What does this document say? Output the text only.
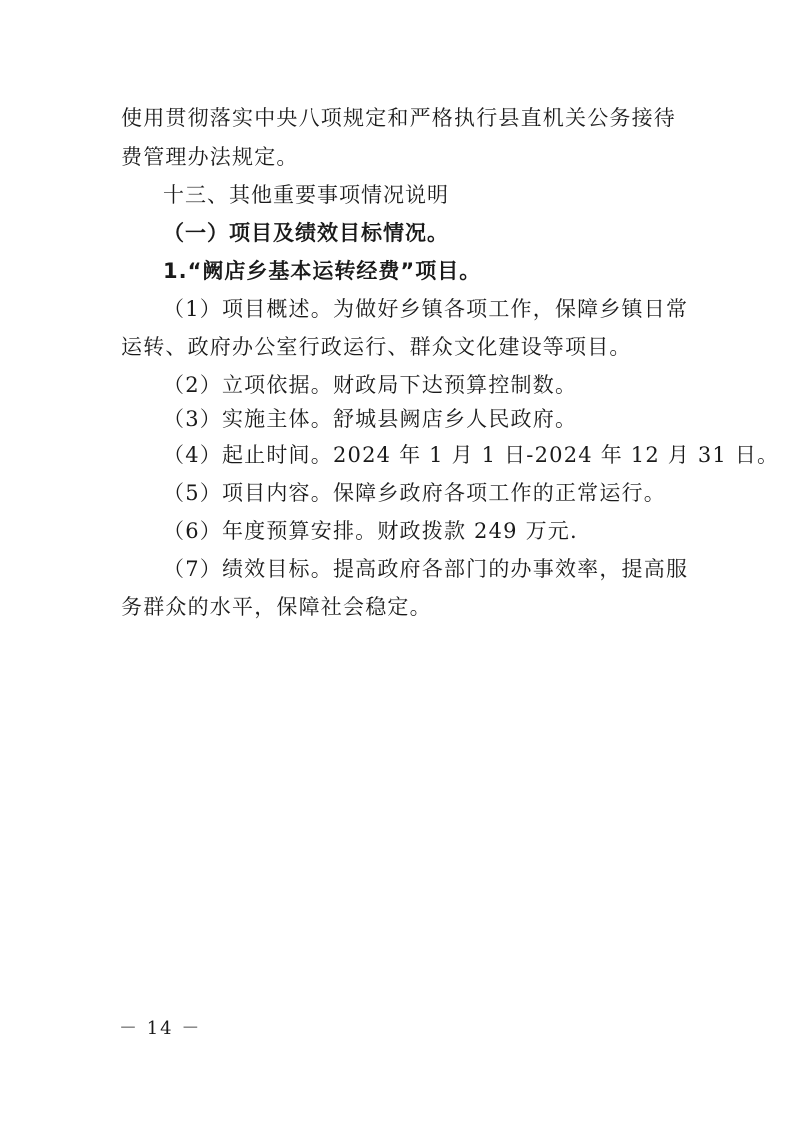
使用贯彻落实中央八项规定和严格执行县直机关公务接待
费管理办法规定。
十三、其他重要事项情况说明
（一）项目及绩效目标情况。
1.“阙店乡基本运转经费”项目。
（1）项目概述。为做好乡镇各项工作，保障乡镇日常
运转、政府办公室行政运行、群众文化建设等项目。
（2）立项依据。财政局下达预算控制数。
（3）实施主体。舒城县阙店乡人民政府。
（4）起止时间。2024 年 1 月 1 日-2024 年 12 月 31 日。
（5）项目内容。保障乡政府各项工作的正常运行。
（6）年度预算安排。财政拨款 249 万元.
（7）绩效目标。提高政府各部门的办事效率，提高服
务群众的水平，保障社会稳定。
－ 14 －
